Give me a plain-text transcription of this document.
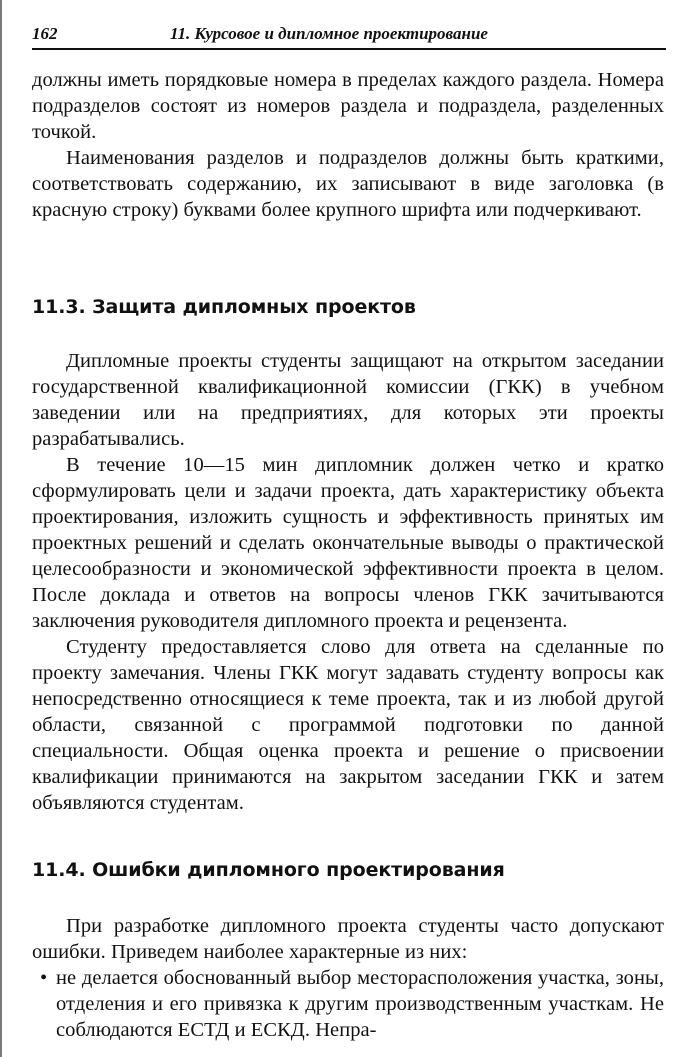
162	11. Курсовое и дипломное проектирование

должны иметь порядковые номера в пределах каждого раздела. Номера подразделов состоят из номеров раздела и подраздела, разделенных точкой.

Наименования разделов и подразделов должны быть краткими, соответствовать содержанию, их записывают в виде заголовка (в красную строку) буквами более крупного шрифта или подчеркивают.

11.3. Защита дипломных проектов

Дипломные проекты студенты защищают на открытом заседании государственной квалификационной комиссии (ГКК) в учебном заведении или на предприятиях, для которых эти проекты разрабатывались.

В течение 10—15 мин дипломник должен четко и кратко сформулировать цели и задачи проекта, дать характеристику объекта проектирования, изложить сущность и эффективность принятых им проектных решений и сделать окончательные выводы о практической целесообразности и экономической эффективности проекта в целом. После доклада и ответов на вопросы членов ГКК зачитываются заключения руководителя дипломного проекта и рецензента.

Студенту предоставляется слово для ответа на сделанные по проекту замечания. Члены ГКК могут задавать студенту вопросы как непосредственно относящиеся к теме проекта, так и из любой другой области, связанной с программой подготовки по данной специальности. Общая оценка проекта и решение о присвоении квалификации принимаются на закрытом заседании ГКК и затем объявляются студентам.

11.4. Ошибки дипломного проектирования

При разработке дипломного проекта студенты часто допускают ошибки. Приведем наиболее характерные из них:

• не делается обоснованный выбор месторасположения участка, зоны, отделения и его привязка к другим производственным участкам. Не соблюдаются ЕСТД и ЕСКД. Непра-
